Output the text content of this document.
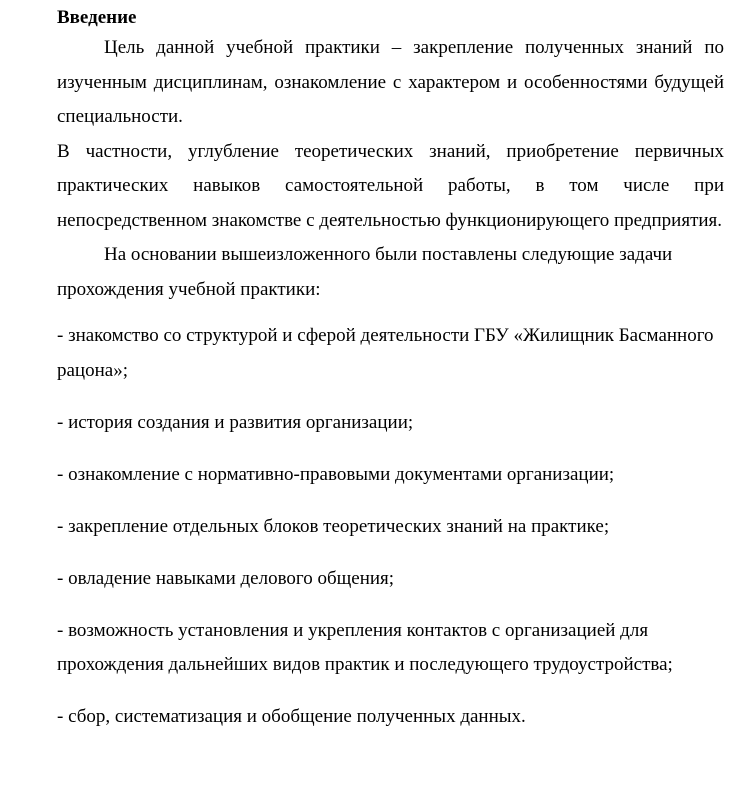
Введение

Цель данной учебной практики – закрепление полученных знаний по изученным дисциплинам, ознакомление с характером и особенностями будущей специальности.

В частности, углубление теоретических знаний, приобретение первичных практических навыков самостоятельной работы, в том числе при непосредственном знакомстве с деятельностью функционирующего предприятия.

На основании вышеизложенного были поставлены следующие задачи прохождения учебной практики:

- знакомство со структурой и сферой деятельности ГБУ «Жилищник Басманного рацона»;
- история создания и развития организации;
- ознакомление с нормативно-правовыми документами организации;
- закрепление отдельных блоков теоретических знаний на практике;
- овладение навыками делового общения;
- возможность установления и укрепления контактов с организацией для прохождения дальнейших видов практик и последующего трудоустройства;
- сбор, систематизация и обобщение полученных данных.
